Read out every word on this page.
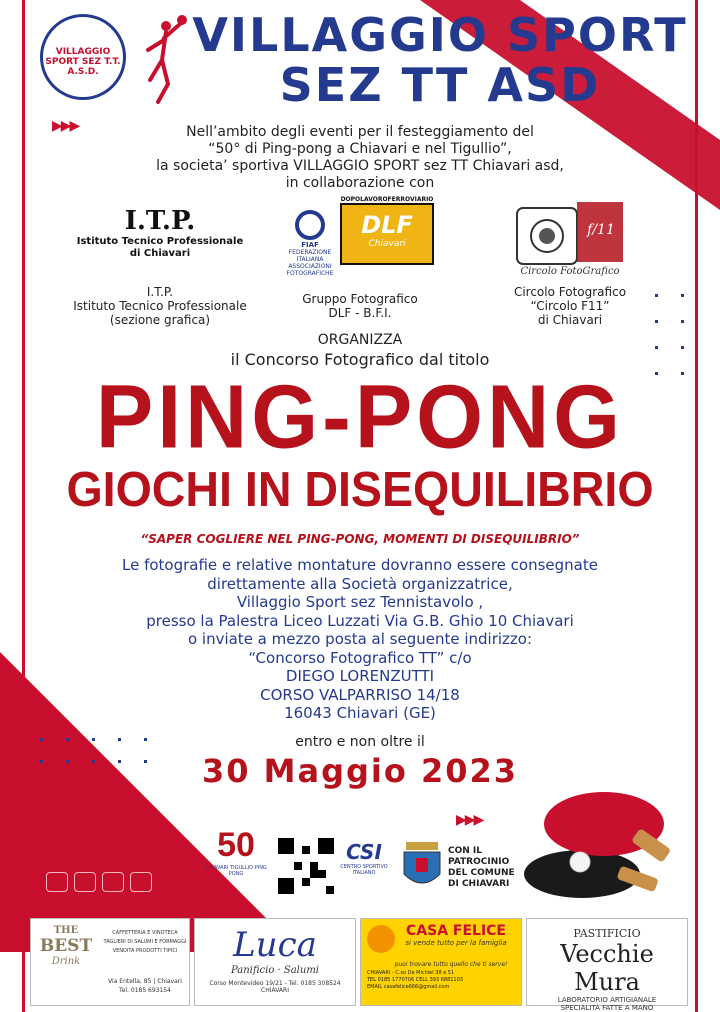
VILLAGGIO SPORT SEZ T.T. A.S.D.
VILLAGGIO SPORT
SEZ TT ASD
▶▶▶	Nell’ambito degli eventi per il festeggiamento del
“50° di Ping-pong a Chiavari e nel Tigullio”,
la societa’ sportiva VILLAGGIO SPORT sez TT Chiavari asd,
in collaborazione con
I.T.P.
Istituto Tecnico Professionale
di Chiavari
I.T.P.
Istituto Tecnico Professionale
(sezione grafica)
FIAF
FEDERAZIONE ITALIANA ASSOCIAZIONI FOTOGRAFICHE
DOPOLAVOROFERROVIARIO
DLF
Chiavari
Gruppo Fotografico
DLF - B.F.I.
f/11
Circolo FotoGrafico
Circolo Fotografico
“Circolo F11”
di Chiavari
ORGANIZZA
il Concorso Fotografico dal titolo
PING-PONG
GIOCHI IN DISEQUILIBRIO
“SAPER COGLIERE NEL PING-PONG, MOMENTI DI DISEQUILIBRIO”
Le fotografie e relative montature dovranno essere consegnate
direttamente alla Società organizzatrice,
Villaggio Sport sez Tennistavolo ,
presso la Palestra Liceo Luzzati Via G.B. Ghio 10 Chiavari
o inviate a mezzo posta al seguente indirizzo:
“Concorso Fotografico TT” c/o
DIEGO LORENZUTTI
CORSO VALPARRISO 14/18
16043 Chiavari (GE)
entro e non oltre il
30 Maggio 2023
▶▶▶
50
CHIAVARI TIGULLIO PING PONG
CSI
CENTRO SPORTIVO ITALIANO
CON IL
PATROCINIO
DEL COMUNE
DI CHIAVARI
THE
BEST
Drink
CAFFETTERIA E VINOTECA
TAGLIERI DI SALUMI E FORMAGGI
VENDITA PRODOTTI TIPICI
Via Entella, 85 | Chiavari
Tel. 0185 693154
Luca
Panificio · Salumi
Corso Montevideo 19/21 - Tel. 0185 308524
CHIAVARI
CASA FELICE
si vende tutto per la famiglia
puoi trovare tutto quello che ti serve!
CHIAVARI - C.so De Michiel 38 e 51
TEL 0185 1770706 CELL 393 6881103
EMAIL casafelice666@gmail.com
PASTIFICIO
Vecchie Mura
LABORATORIO ARTIGIANALE
SPECIALITÀ FATTE A MANO
